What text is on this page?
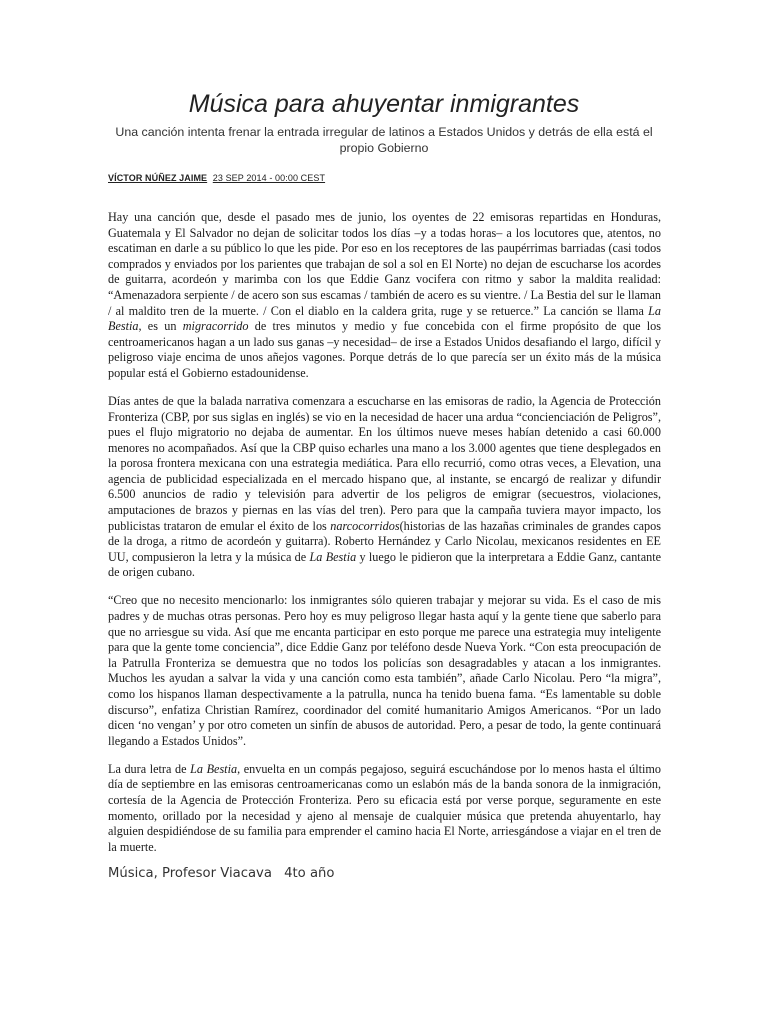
Música para ahuyentar inmigrantes

Una canción intenta frenar la entrada irregular de latinos a Estados Unidos y detrás de ella está el propio Gobierno

VÍCTOR NÚÑEZ JAIME 23 SEP 2014 - 00:00 CEST

Hay una canción que, desde el pasado mes de junio, los oyentes de 22 emisoras repartidas en Honduras, Guatemala y El Salvador no dejan de solicitar todos los días –y a todas horas– a los locutores que, atentos, no escatiman en darle a su público lo que les pide. Por eso en los receptores de las paupérrimas barriadas (casi todos comprados y enviados por los parientes que trabajan de sol a sol en El Norte) no dejan de escucharse los acordes de guitarra, acordeón y marimba con los que Eddie Ganz vocifera con ritmo y sabor la maldita realidad: “Amenazadora serpiente / de acero son sus escamas / también de acero es su vientre. / La Bestia del sur le llaman / al maldito tren de la muerte. / Con el diablo en la caldera grita, ruge y se retuerce.” La canción se llama La Bestia, es un migracorrido de tres minutos y medio y fue concebida con el firme propósito de que los centroamericanos hagan a un lado sus ganas –y necesidad– de irse a Estados Unidos desafiando el largo, difícil y peligroso viaje encima de unos añejos vagones. Porque detrás de lo que parecía ser un éxito más de la música popular está el Gobierno estadounidense.

Días antes de que la balada narrativa comenzara a escucharse en las emisoras de radio, la Agencia de Protección Fronteriza (CBP, por sus siglas en inglés) se vio en la necesidad de hacer una ardua “concienciación de Peligros”, pues el flujo migratorio no dejaba de aumentar. En los últimos nueve meses habían detenido a casi 60.000 menores no acompañados. Así que la CBP quiso echarles una mano a los 3.000 agentes que tiene desplegados en la porosa frontera mexicana con una estrategia mediática. Para ello recurrió, como otras veces, a Elevation, una agencia de publicidad especializada en el mercado hispano que, al instante, se encargó de realizar y difundir 6.500 anuncios de radio y televisión para advertir de los peligros de emigrar (secuestros, violaciones, amputaciones de brazos y piernas en las vías del tren). Pero para que la campaña tuviera mayor impacto, los publicistas trataron de emular el éxito de los narcocorridos(historias de las hazañas criminales de grandes capos de la droga, a ritmo de acordeón y guitarra). Roberto Hernández y Carlo Nicolau, mexicanos residentes en EE UU, compusieron la letra y la música de La Bestia y luego le pidieron que la interpretara a Eddie Ganz, cantante de origen cubano.

“Creo que no necesito mencionarlo: los inmigrantes sólo quieren trabajar y mejorar su vida. Es el caso de mis padres y de muchas otras personas. Pero hoy es muy peligroso llegar hasta aquí y la gente tiene que saberlo para que no arriesgue su vida. Así que me encanta participar en esto porque me parece una estrategia muy inteligente para que la gente tome conciencia”, dice Eddie Ganz por teléfono desde Nueva York. “Con esta preocupación de la Patrulla Fronteriza se demuestra que no todos los policías son desagradables y atacan a los inmigrantes. Muchos les ayudan a salvar la vida y una canción como esta también”, añade Carlo Nicolau. Pero “la migra”, como los hispanos llaman despectivamente a la patrulla, nunca ha tenido buena fama. “Es lamentable su doble discurso”, enfatiza Christian Ramírez, coordinador del comité humanitario Amigos Americanos. “Por un lado dicen ‘no vengan’ y por otro cometen un sinfín de abusos de autoridad. Pero, a pesar de todo, la gente continuará llegando a Estados Unidos”.

La dura letra de La Bestia, envuelta en un compás pegajoso, seguirá escuchándose por lo menos hasta el último día de septiembre en las emisoras centroamericanas como un eslabón más de la banda sonora de la inmigración, cortesía de la Agencia de Protección Fronteriza. Pero su eficacia está por verse porque, seguramente en este momento, orillado por la necesidad y ajeno al mensaje de cualquier música que pretenda ahuyentarlo, hay alguien despidiéndose de su familia para emprender el camino hacia El Norte, arriesgándose a viajar en el tren de la muerte.

Música, Profesor Viacava 4to año
